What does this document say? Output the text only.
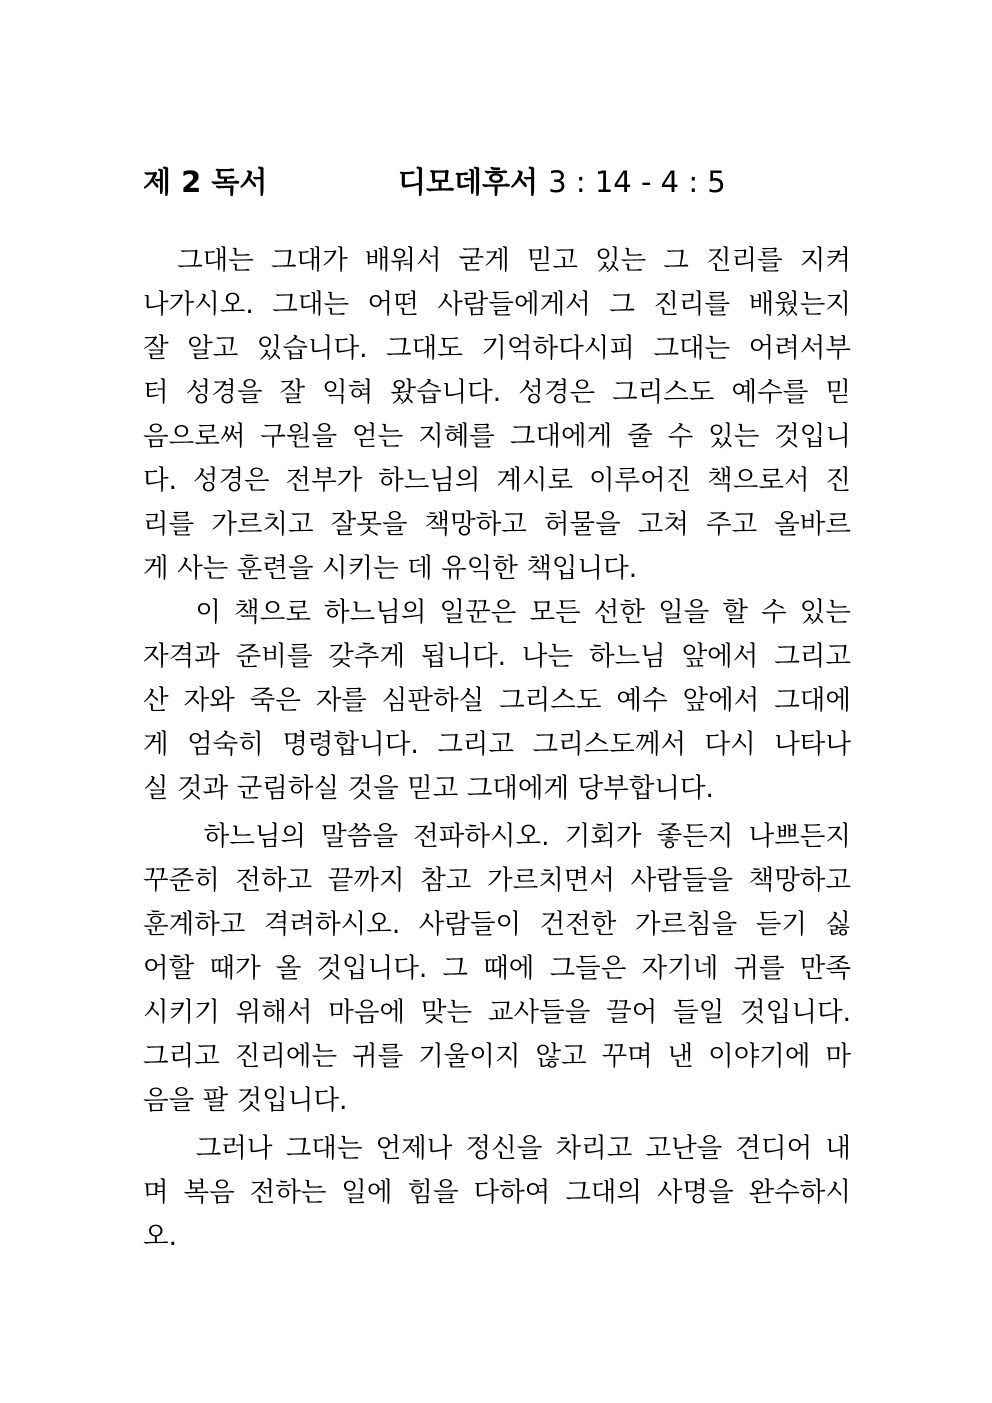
제 2 독서	디모데후서 3 : 14 - 4 : 5
그대는 그대가 배워서 굳게 믿고 있는 그 진리를 지켜
나가시오. 그대는 어떤 사람들에게서 그 진리를 배웠는지
잘 알고 있습니다. 그대도 기억하다시피 그대는 어려서부
터 성경을 잘 익혀 왔습니다. 성경은 그리스도 예수를 믿
음으로써 구원을 얻는 지혜를 그대에게 줄 수 있는 것입니
다. 성경은 전부가 하느님의 계시로 이루어진 책으로서 진
리를 가르치고 잘못을 책망하고 허물을 고쳐 주고 올바르
게 사는 훈련을 시키는 데 유익한 책입니다.
이 책으로 하느님의 일꾼은 모든 선한 일을 할 수 있는
자격과 준비를 갖추게 됩니다. 나는 하느님 앞에서 그리고
산 자와 죽은 자를 심판하실 그리스도 예수 앞에서 그대에
게 엄숙히 명령합니다. 그리고 그리스도께서 다시 나타나
실 것과 군림하실 것을 믿고 그대에게 당부합니다.
하느님의 말씀을 전파하시오. 기회가 좋든지 나쁘든지
꾸준히 전하고 끝까지 참고 가르치면서 사람들을 책망하고
훈계하고 격려하시오. 사람들이 건전한 가르침을 듣기 싫
어할 때가 올 것입니다. 그 때에 그들은 자기네 귀를 만족
시키기 위해서 마음에 맞는 교사들을 끌어 들일 것입니다.
그리고 진리에는 귀를 기울이지 않고 꾸며 낸 이야기에 마
음을 팔 것입니다.
그러나 그대는 언제나 정신을 차리고 고난을 견디어 내
며 복음 전하는 일에 힘을 다하여 그대의 사명을 완수하시
오.
